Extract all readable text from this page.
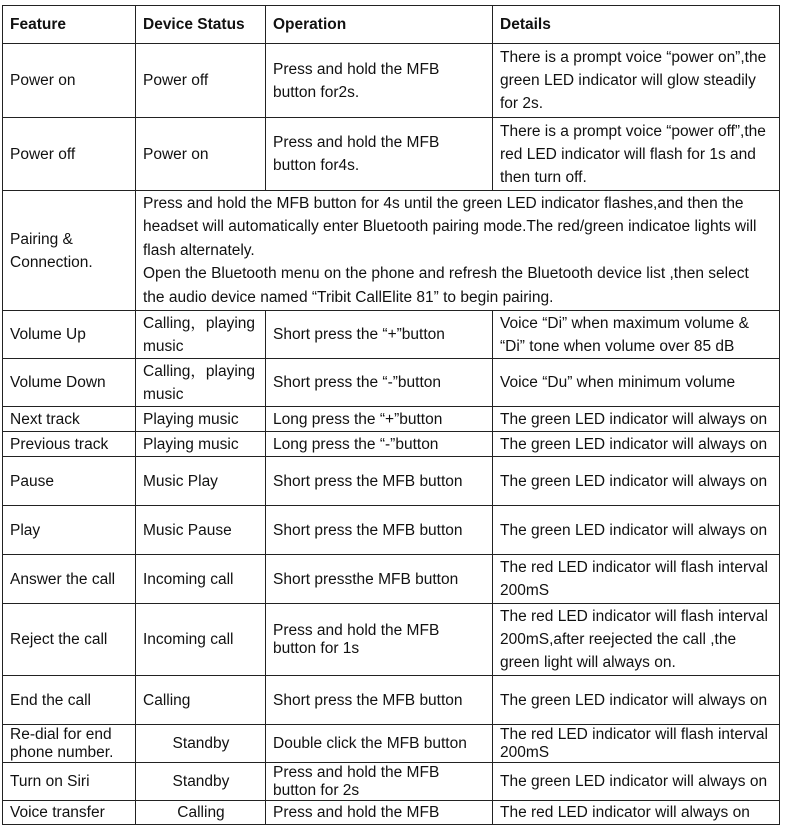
Feature	Device Status	Operation	Details
Power on	Power off	Press and hold the MFB button for2s.	There is a prompt voice “power on”,the green LED indicator will glow steadily for 2s.
Power off	Power on	Press and hold the MFB button for4s.	There is a prompt voice “power off”,the red LED indicator will flash for 1s and then turn off.
Pairing & Connection.	Press and hold the MFB button for 4s until the green LED indicator flashes,and then the headset will automatically enter Bluetooth pairing mode.The red/green indicatoe lights will flash alternately.
Open the Bluetooth menu on the phone and refresh the Bluetooth device list ,then select the audio device named “Tribit CallElite 81” to begin pairing.		

Volume Up	Calling，playing music	Short press the “+”button	Voice “Di” when maximum volume & “Di” tone when volume over 85 dB
Volume Down	Calling，playing music	Short press the “-”button	Voice “Du” when minimum volume
Next track	Playing music	Long press the “+”button	The green LED indicator will always on
Previous track	Playing music	Long press the “-”button	The green LED indicator will always on
Pause	Music Play	Short press the MFB button	The green LED indicator will always on
Play	Music Pause	Short press the MFB button	The green LED indicator will always on
Answer the call	Incoming call	Short pressthe MFB button	The red LED indicator will flash interval 200mS
Reject the call	Incoming call	Press and hold the MFB button for 1s	The red LED indicator will flash interval 200mS,after reejected the call ,the green light will always on.
End the call	Calling	Short press the MFB button	The green LED indicator will always on
Re-dial for end phone number.	Standby	Double click the MFB button	The red LED indicator will flash interval 200mS
Turn on Siri	Standby	Press and hold the MFB button for 2s	The green LED indicator will always on
Voice transfer	Calling	Press and hold the MFB	The red LED indicator will always on
